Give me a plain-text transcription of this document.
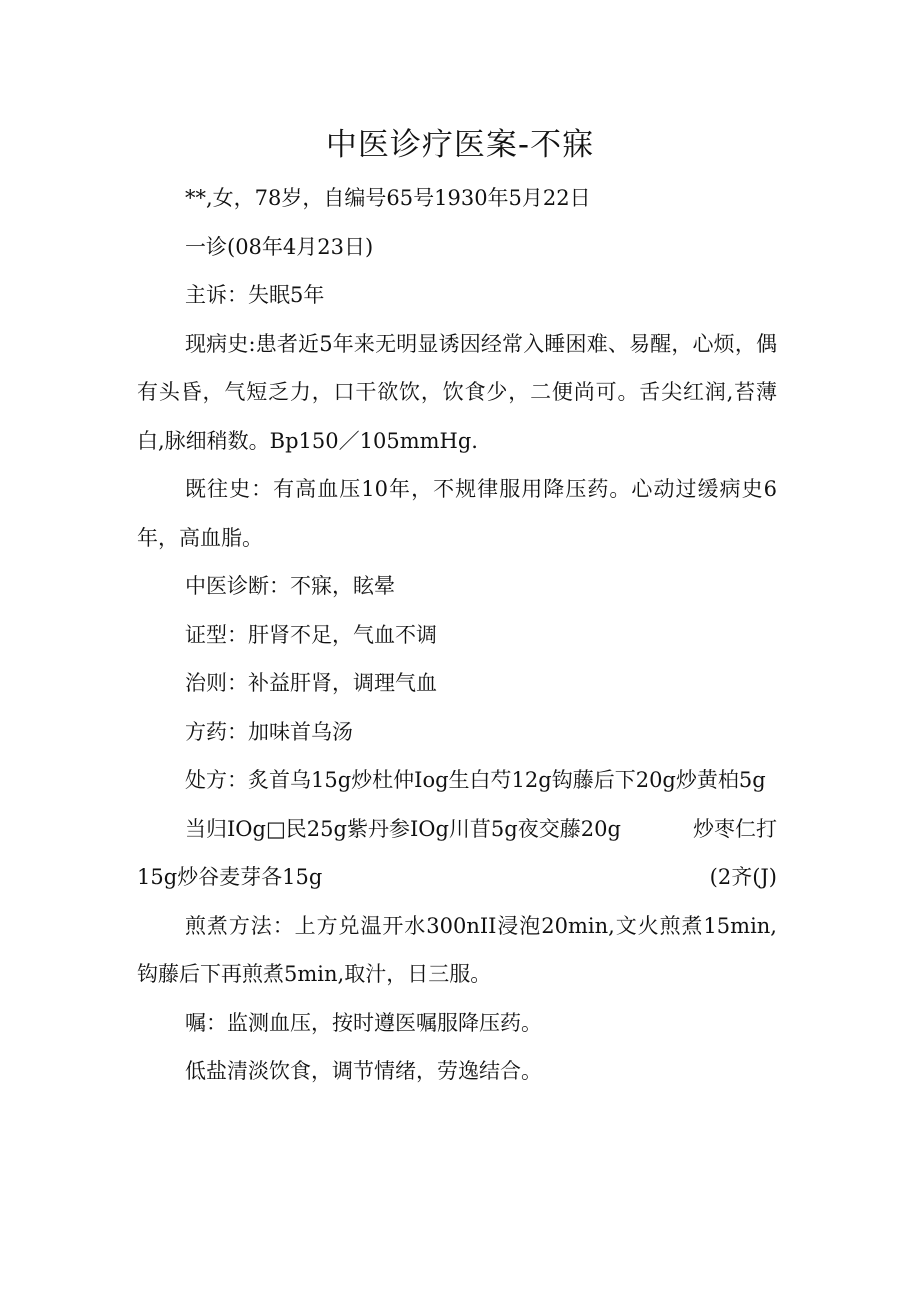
中医诊疗医案-不寐

**,女，78岁，自编号65号1930年5月22日

一诊(08年4月23日)

主诉：失眠5年

现病史:患者近5年来无明显诱因经常入睡困难、易醒，心烦，偶有头昏，气短乏力，口干欲饮，饮食少，二便尚可。舌尖红润,苔薄白,脉细稍数。Bp150／105mmHg.

既往史：有高血压10年，不规律服用降压药。心动过缓病史6年，高血脂。

中医诊断：不寐，眩晕

证型：肝肾不足，气血不调

治则：补益肝肾，调理气血

方药：加味首乌汤

处方：炙首乌15g炒杜仲Iog生白芍12g钩藤后下20g炒黄柏5g

当归IOg□民25g紫丹参IOg川苜5g夜交藤20g	炒枣仁打
15g炒谷麦芽各15g	(2齐(J)

煎煮方法：上方兑温开水300nII浸泡20min,文火煎煮15min,钩藤后下再煎煮5min,取汁，日三服。

嘱：监测血压，按时遵医嘱服降压药。

低盐清淡饮食，调节情绪，劳逸结合。
